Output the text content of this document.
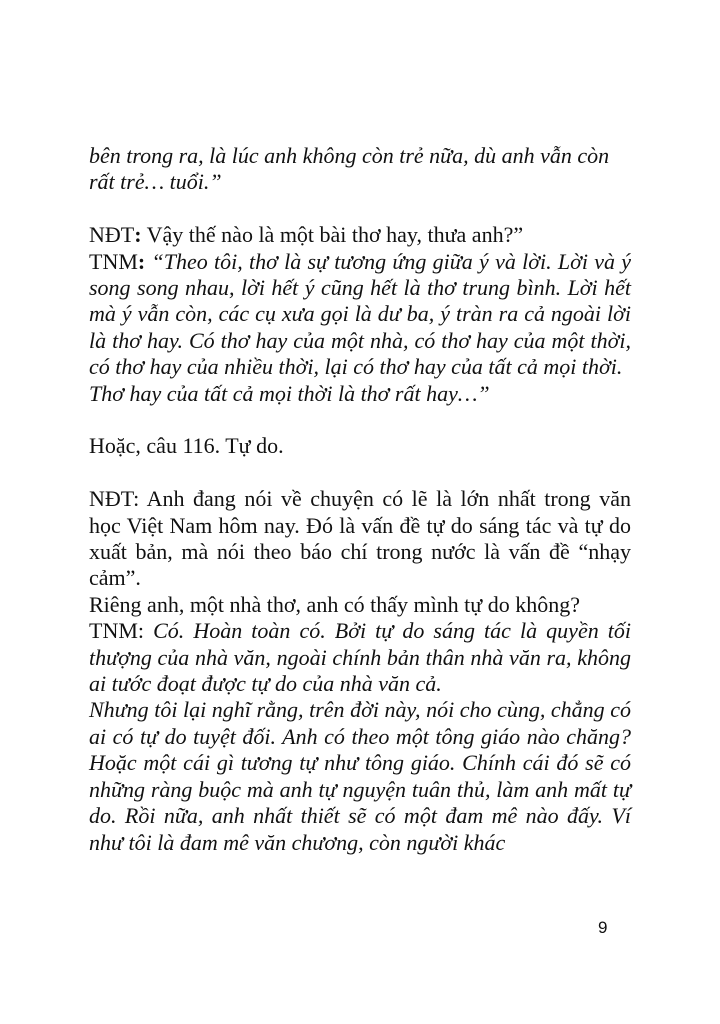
bên trong ra, là lúc anh không còn trẻ nữa, dù anh vẫn còn
rất trẻ… tuổi.”
NĐT: Vậy thế nào là một bài thơ hay, thưa anh?”
TNM: “Theo tôi, thơ là sự tương ứng giữa ý và lời. Lời và ý song song nhau, lời hết ý cũng hết là thơ trung bình. Lời hết mà ý vẫn còn, các cụ xưa gọi là dư ba, ý tràn ra cả ngoài lời là thơ hay. Có thơ hay của một nhà, có thơ hay của một thời, có thơ hay của nhiều thời, lại có thơ hay của tất cả mọi thời.
Thơ hay của tất cả mọi thời là thơ rất hay…”
Hoặc, câu 116. Tự do.
NĐT: Anh đang nói về chuyện có lẽ là lớn nhất trong văn học Việt Nam hôm nay. Đó là vấn đề tự do sáng tác và tự do xuất bản, mà nói theo báo chí trong nước là vấn đề “nhạy cảm”.
Riêng anh, một nhà thơ, anh có thấy mình tự do không?
TNM: Có. Hoàn toàn có. Bởi tự do sáng tác là quyền tối thượng của nhà văn, ngoài chính bản thân nhà văn ra, không ai tước đoạt được tự do của nhà văn cả.
Nhưng tôi lại nghĩ rằng, trên đời này, nói cho cùng, chẳng có ai có tự do tuyệt đối. Anh có theo một tông giáo nào chăng? Hoặc một cái gì tương tự như tông giáo. Chính cái đó sẽ có những ràng buộc mà anh tự nguyện tuân thủ, làm anh mất tự do. Rồi nữa, anh nhất thiết sẽ có một đam mê nào đấy. Ví như tôi là đam mê văn chương, còn người khác
9
